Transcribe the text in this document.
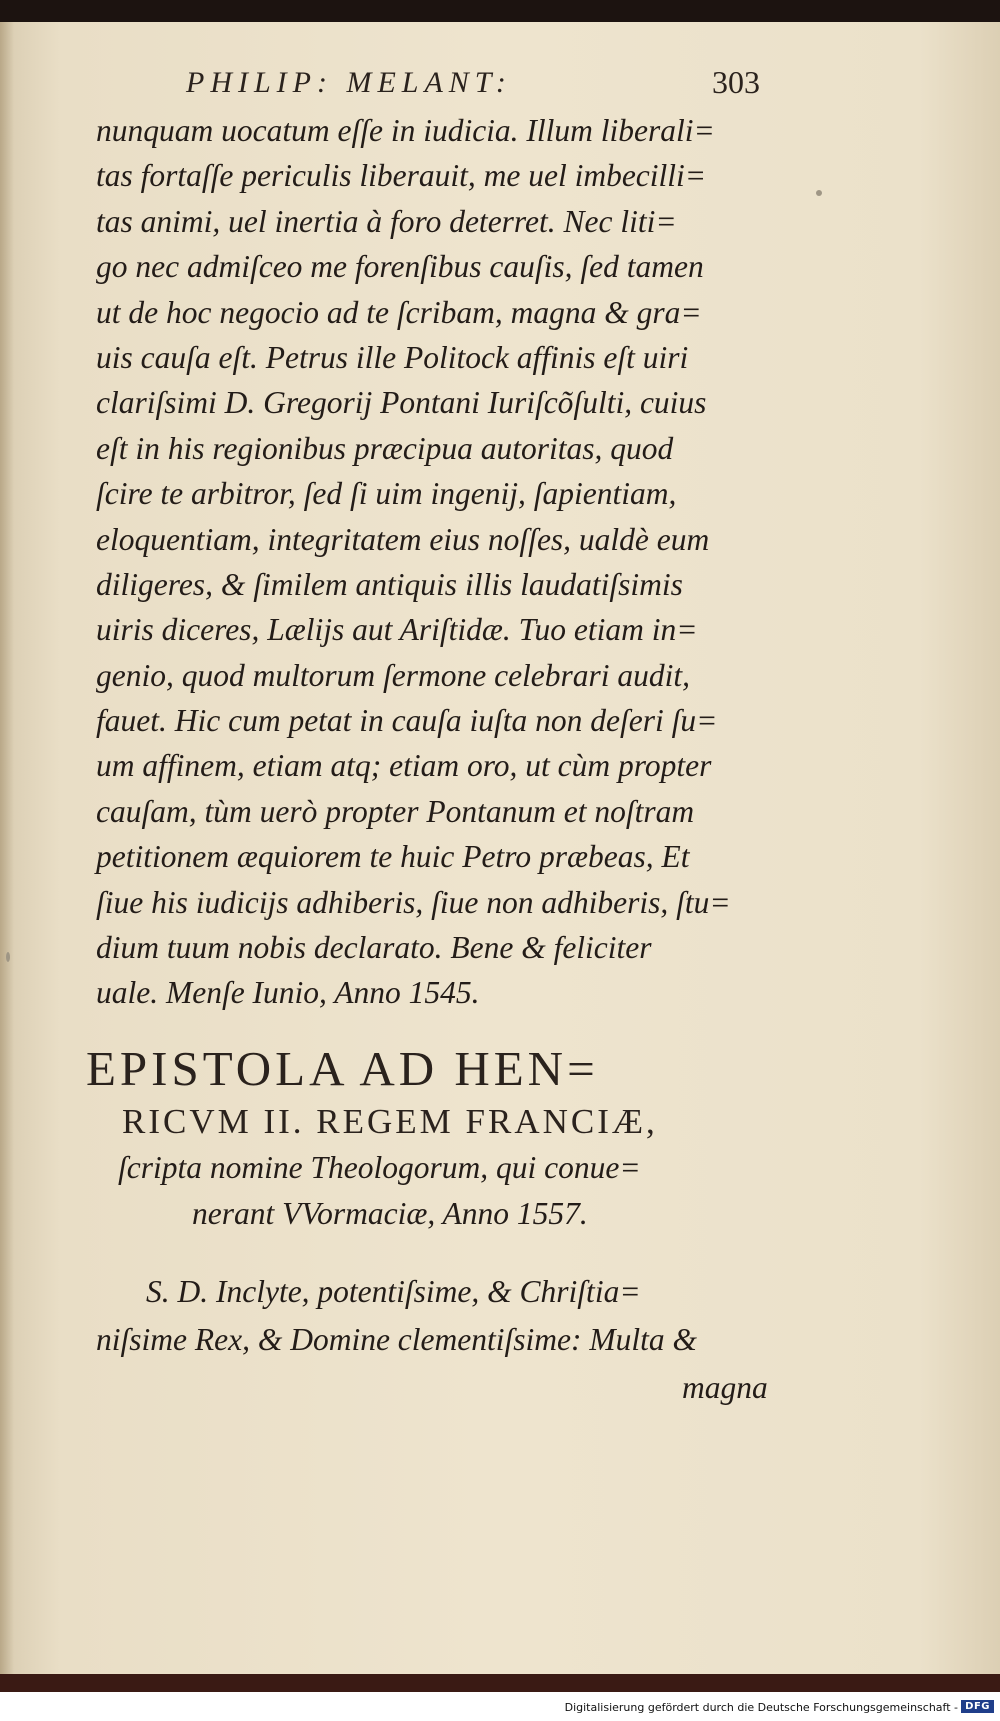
PHILIP: MELANT:	303
nunquam uocatum eſſe in iudicia. Illum liberali=
tas fortaſſe periculis liberauit, me uel imbecilli=
tas animi, uel inertia à foro deterret. Nec liti=
go nec admiſceo me forenſibus cauſis, ſed tamen
ut de hoc negocio ad te ſcribam, magna & gra=
uis cauſa eſt. Petrus ille Politock affinis eſt uiri
clariſsimi D. Gregorij Pontani Iuriſcõſulti, cuius
eſt in his regionibus præcipua autoritas, quod
ſcire te arbitror, ſed ſi uim ingenij, ſapientiam,
eloquentiam, integritatem eius noſſes, ualdè eum
diligeres, & ſimilem antiquis illis laudatiſsimis
uiris diceres, Lælijs aut Ariſtidæ. Tuo etiam in=
genio, quod multorum ſermone celebrari audit,
fauet. Hic cum petat in cauſa iuſta non deſeri ſu=
um affinem, etiam atq; etiam oro, ut cùm propter
cauſam, tùm uerò propter Pontanum et noſtram
petitionem æquiorem te huic Petro præbeas, Et
ſiue his iudicijs adhiberis, ſiue non adhiberis, ſtu=
dium tuum nobis declarato. Bene & feliciter
uale. Menſe Iunio, Anno 1545.
EPISTOLA AD HEN=
RICVM II. REGEM FRANCIÆ,
ſcripta nomine Theologorum, qui conue=
nerant VVormaciæ, Anno 1557.
S. D. Inclyte, potentiſsime, & Chriſtia=
niſsime Rex, & Domine clementiſsime: Multa &
magna
Digitalisierung gefördert durch die Deutsche Forschungsgemeinschaft - DFG
